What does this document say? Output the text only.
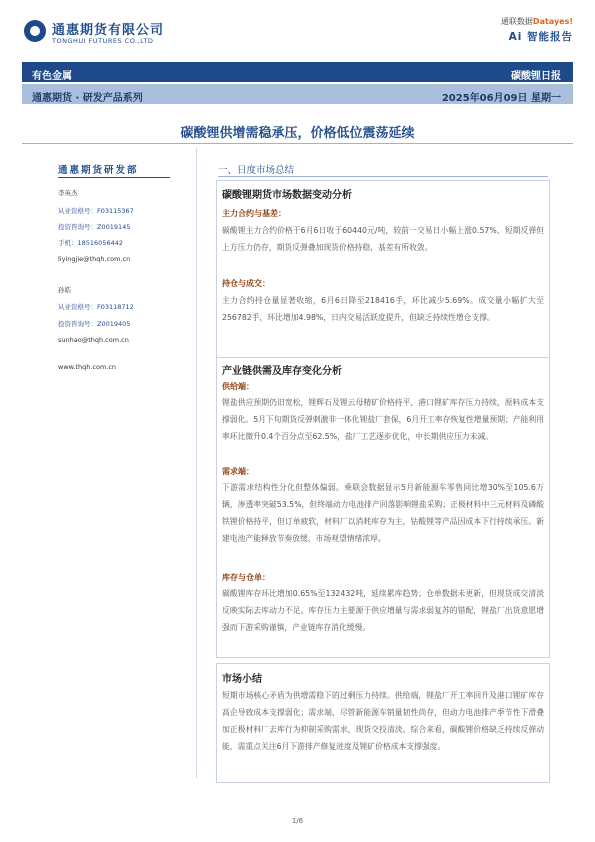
通惠期货有限公司
TONGHUI FUTURES CO.,LTD
通联数据Datayes!
Ai 智能报告
有色金属	碳酸锂日报
通惠期货 · 研发产品系列	2025年06月09日 星期一
碳酸锂供增需稳承压，价格低位震荡延续
通惠期货研发部
李英杰
从业资格号：F03115367
投资咨询号：Z0019145
手机：18516056442
liyingjie@thqh.com.cn
孙皓
从业资格号：F03118712
投资咨询号：Z0019405
sunhao@thqh.com.cn
www.thqh.com.cn
一、日度市场总结
碳酸锂期货市场数据变动分析
主力合约与基差：
碳酸锂主力合约价格于6月6日收于60440元/吨，较前一交易日小幅上涨0.57%，短期反弹但上方压力仍存，期货反弹叠加现货价格持稳，基差有所收敛。
持仓与成交：
主力合约持仓量显著收缩，6月6日降至218416手，环比减少5.69%。成交量小幅扩大至256782手，环比增加4.98%，日内交易活跃度提升，但缺乏持续性增仓支撑。
产业链供需及库存变化分析
供给端：
锂盐供应预期仍旧宽松，锂辉石及锂云母精矿价格持平，港口锂矿库存压力持续，原料成本支撑弱化。5月下旬期货反弹刺激非一体化锂盐厂套保，6月开工率存恢复性增量预期；产能利用率环比微升0.4个百分点至62.5%，盐厂工艺逐步优化，中长期供应压力未减。
需求端：
下游需求结构性分化但整体偏弱。乘联会数据显示5月新能源车零售同比增30%至105.6万辆，渗透率突破53.5%，但终端动力电池排产回落影响锂盐采购；正极材料中三元材料及磷酸铁锂价格持平，但订单疲软，材料厂以消耗库存为主，钴酸锂等产品因成本下行持续承压。新建电池产能释放节奏放缓，市场观望情绪浓厚。
库存与仓单：
碳酸锂库存环比增加0.65%至132432吨，延续累库趋势；仓单数据未更新，但现货成交清淡反映实际去库动力不足。库存压力主要源于供应增量与需求弱复苏的错配，锂盐厂出货意愿增强而下游采购谨慎，产业链库存消化缓慢。
市场小结
短期市场核心矛盾为供增需稳下的过剩压力持续。供给端，锂盐厂开工率回升及港口锂矿库存高企导致成本支撑弱化；需求端，尽管新能源车销量韧性尚存，但动力电池排产季节性下滑叠加正极材料厂去库行为抑制采购需求，现货交投清淡。综合来看，碳酸锂价格缺乏持续反弹动能，需重点关注6月下游排产修复进度及锂矿价格成本支撑强度。
1/6
